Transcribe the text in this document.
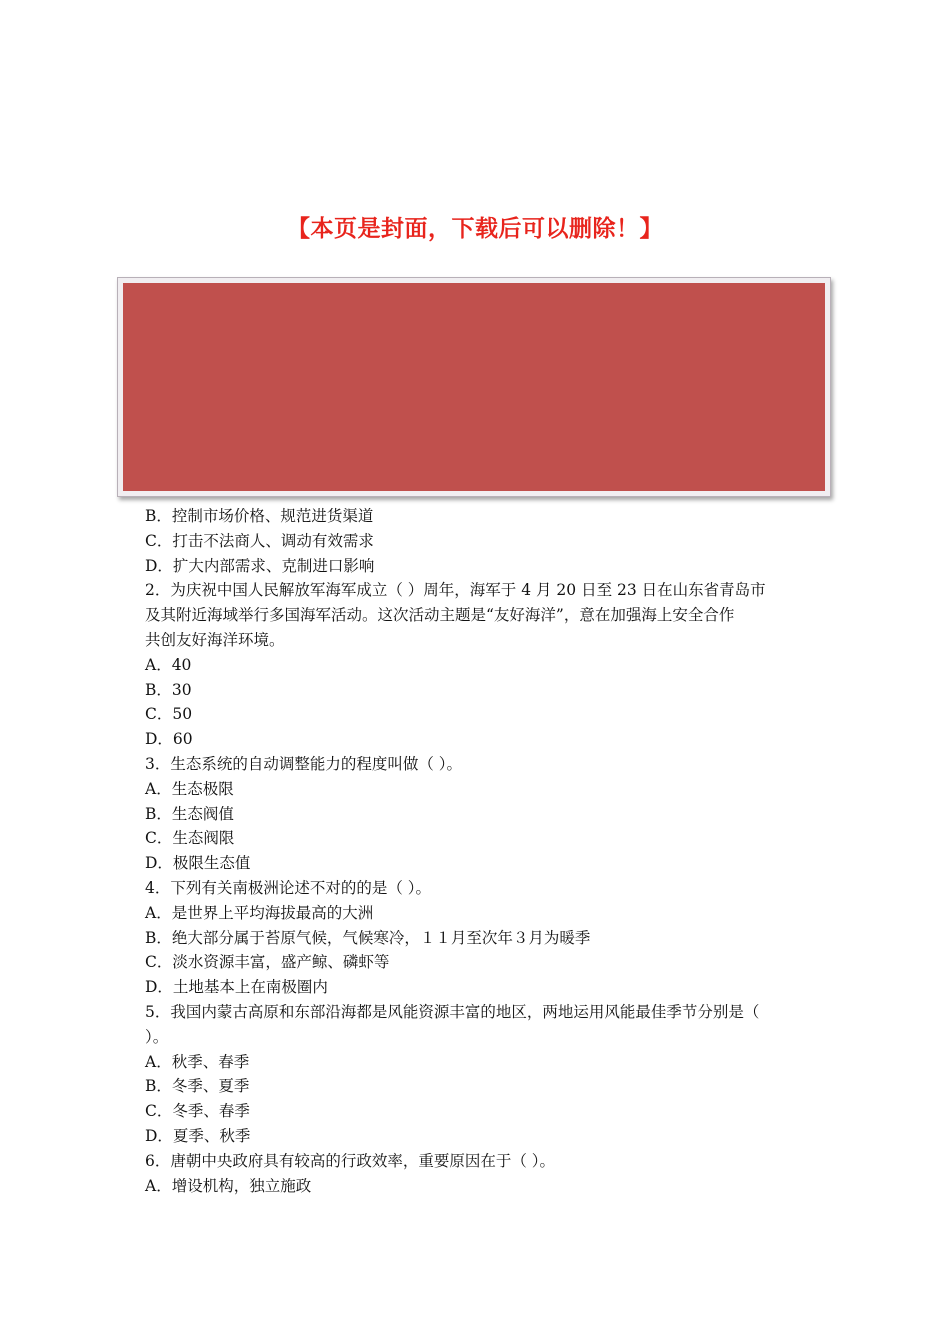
【本页是封面，下载后可以删除！】
B．控制市场价格、规范进货渠道
C．打击不法商人、调动有效需求
D．扩大内部需求、克制进口影响
2．为庆祝中国人民解放军海军成立（ ）周年，海军于 4 月 20 日至 23 日在山东省青岛市
及其附近海域举行多国海军活动。这次活动主题是“友好海洋”，意在加强海上安全合作
共创友好海洋环境。
A．40
B．30
C．50
D．60
3．生态系统的自动调整能力的程度叫做（ ）。
A．生态极限
B．生态阀值
C．生态阀限
D．极限生态值
4．下列有关南极洲论述不对的的是（ ）。
A．是世界上平均海拔最高的大洲
B．绝大部分属于苔原气候，气候寒冷，１１月至次年３月为暖季
C．淡水资源丰富，盛产鲸、磷虾等
D．土地基本上在南极圈内
5．我国内蒙古高原和东部沿海都是风能资源丰富的地区，两地运用风能最佳季节分别是（
）。
A．秋季、春季
B．冬季、夏季
C．冬季、春季
D．夏季、秋季
6．唐朝中央政府具有较高的行政效率，重要原因在于（ ）。
A．增设机构，独立施政
